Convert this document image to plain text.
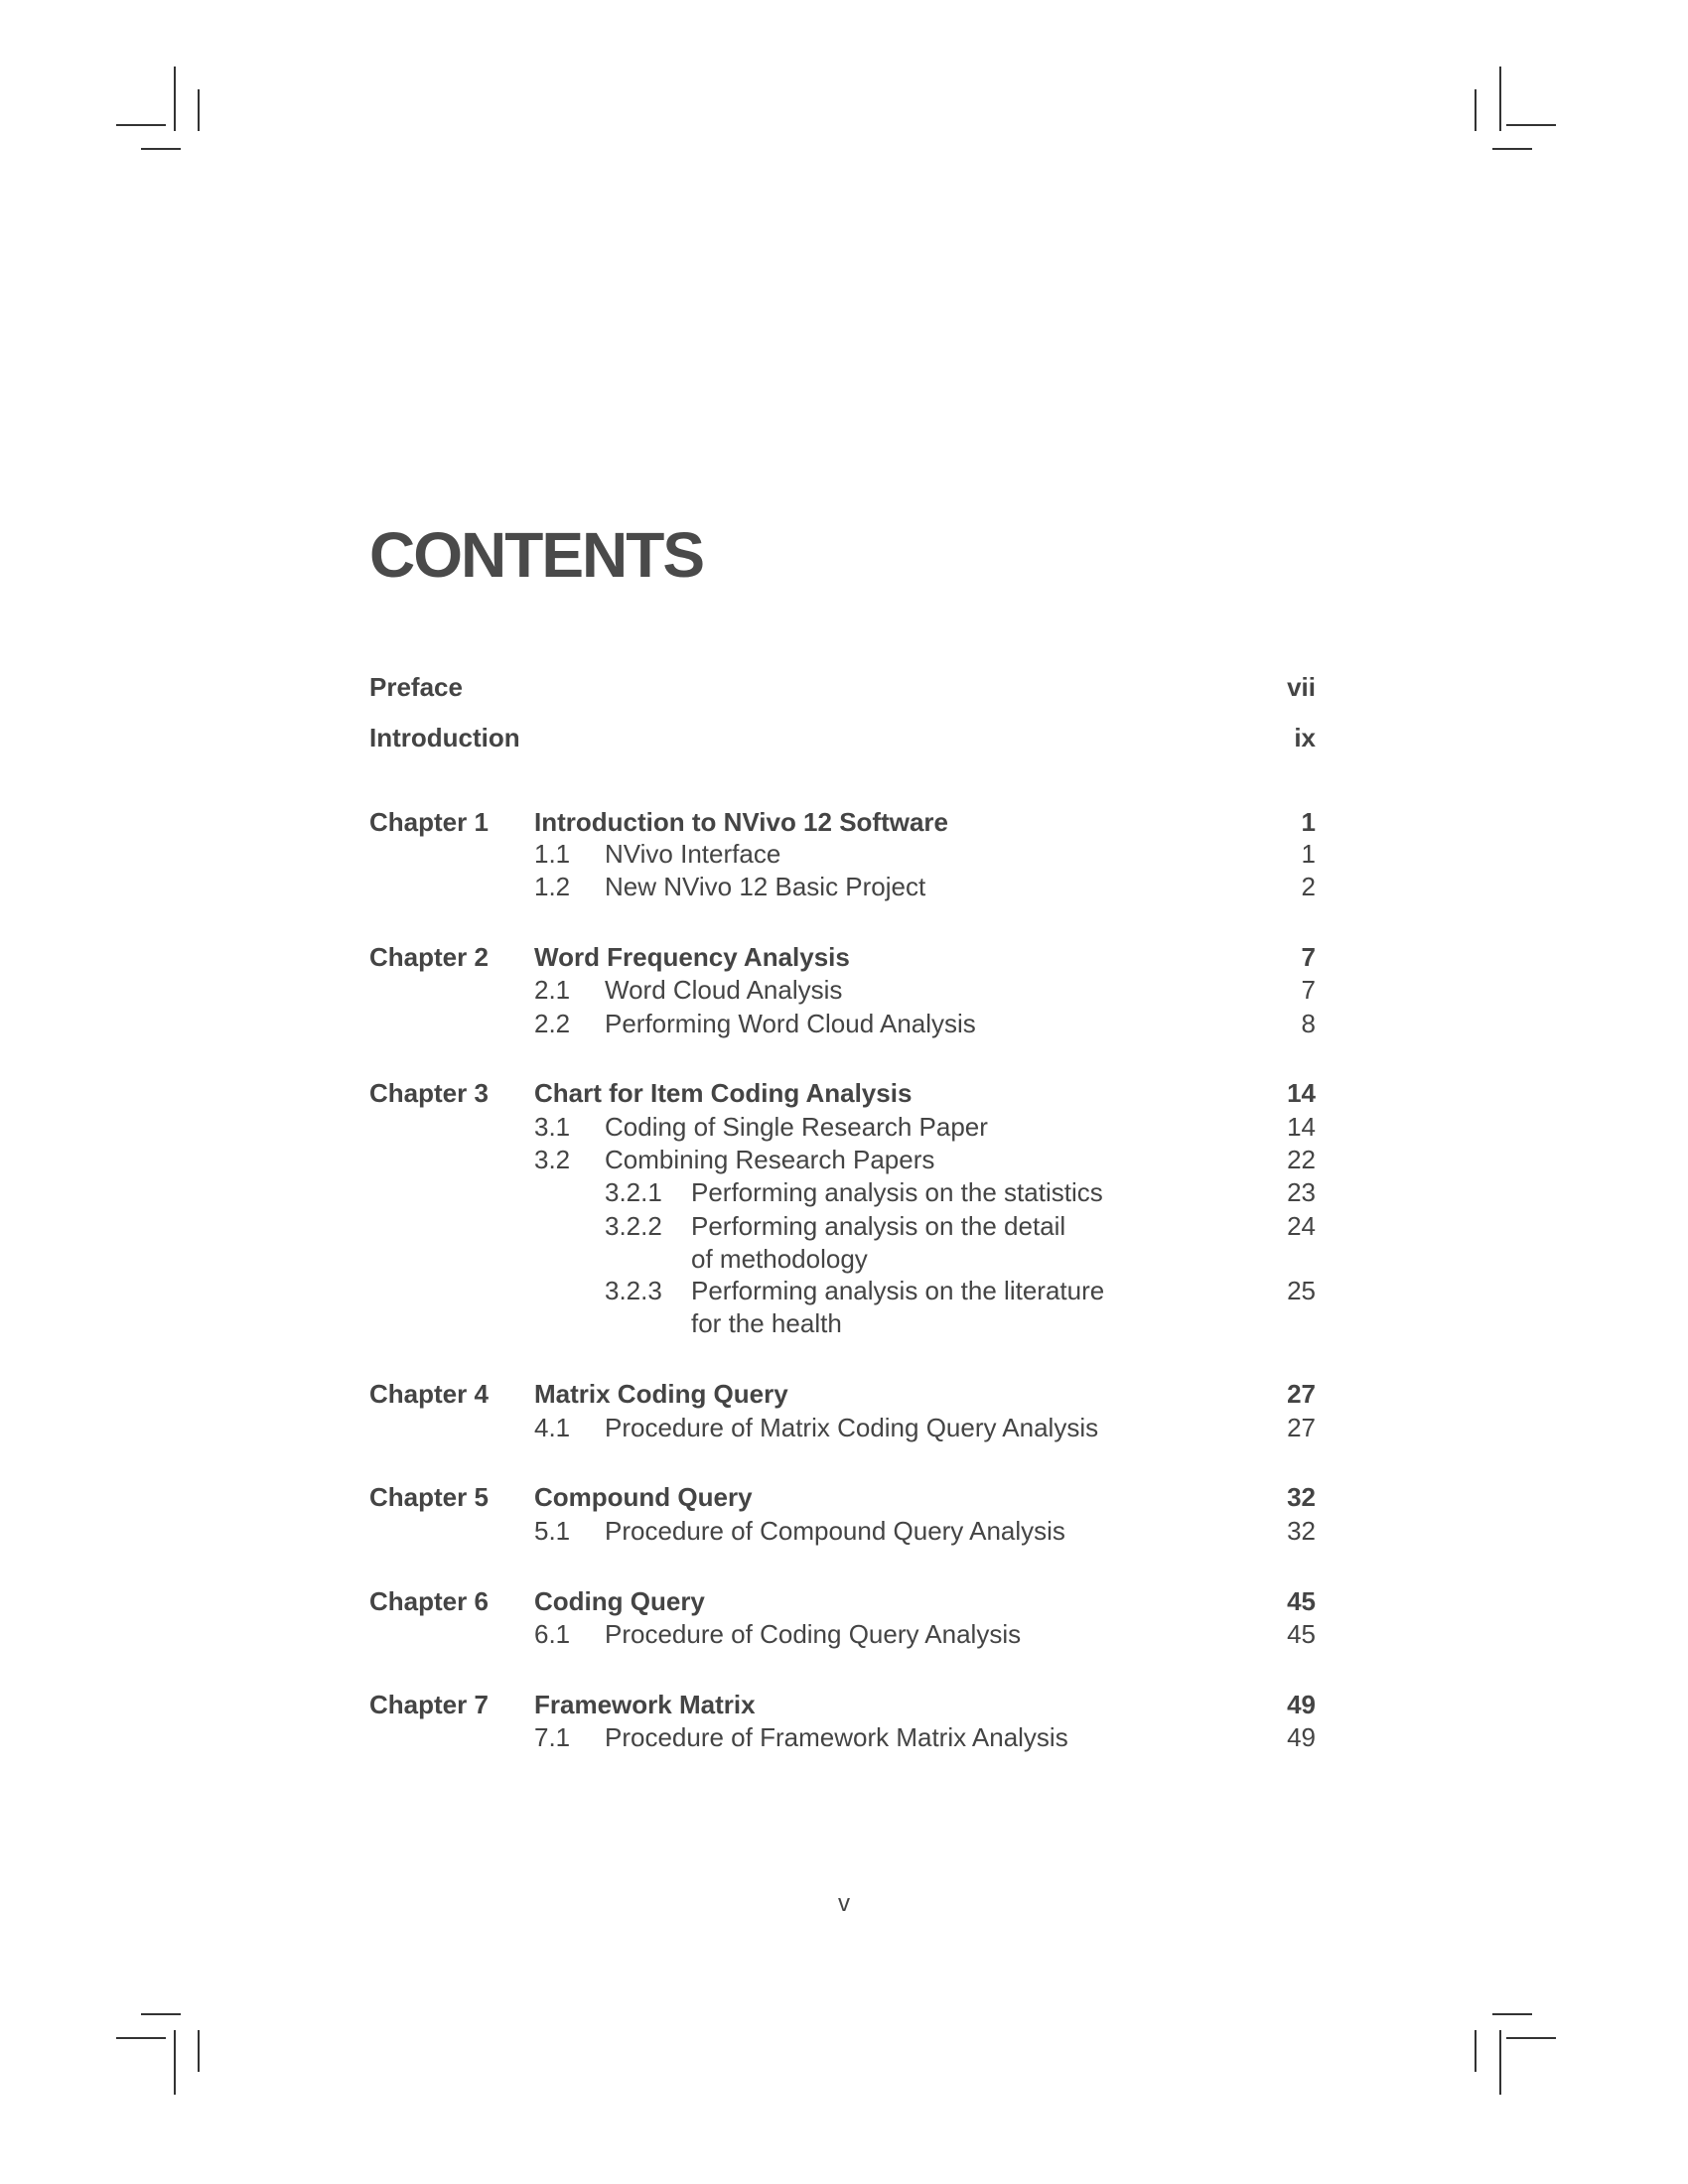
CONTENTS
Preface	vii
Introduction	ix
Chapter 1 Introduction to NVivo 12 Software	1
1.1 NVivo Interface	1
1.2 New NVivo 12 Basic Project	2
Chapter 2 Word Frequency Analysis	7
2.1 Word Cloud Analysis	7
2.2 Performing Word Cloud Analysis	8
Chapter 3 Chart for Item Coding Analysis	14
3.1 Coding of Single Research Paper	14
3.2 Combining Research Papers	22
3.2.1 Performing analysis on the statistics	23
3.2.2 Performing analysis on the detail	24
of methodology
3.2.3 Performing analysis on the literature	25
for the health
Chapter 4 Matrix Coding Query	27
4.1 Procedure of Matrix Coding Query Analysis	27
Chapter 5 Compound Query	32
5.1 Procedure of Compound Query Analysis	32
Chapter 6 Coding Query	45
6.1 Procedure of Coding Query Analysis	45
Chapter 7 Framework Matrix	49
7.1 Procedure of Framework Matrix Analysis	49
v
